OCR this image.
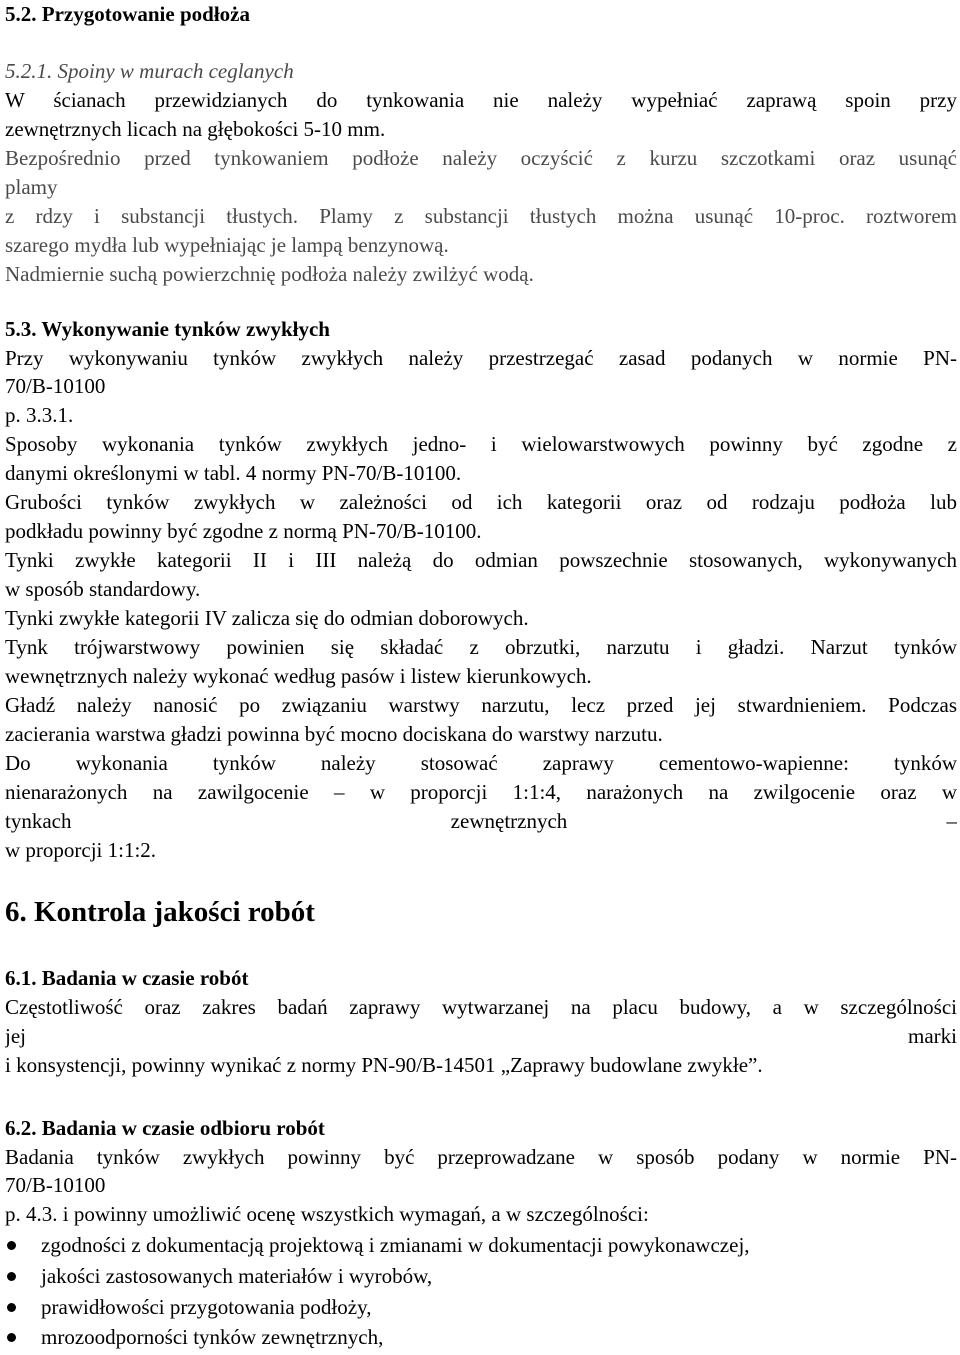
5.2. Przygotowanie podłoża
5.2.1. Spoiny w murach ceglanych
W ścianach przewidzianych do tynkowania nie należy wypełniać zaprawą spoin przy
zewnętrznych licach na głębokości 5-10 mm.
Bezpośrednio przed tynkowaniem podłoże należy oczyścić z kurzu szczotkami oraz usunąć
plamy
z rdzy i substancji tłustych. Plamy z substancji tłustych można usunąć 10-proc. roztworem
szarego mydła lub wypełniając je lampą benzynową.
Nadmiernie suchą powierzchnię podłoża należy zwilżyć wodą.
5.3. Wykonywanie tynków zwykłych
Przy wykonywaniu tynków zwykłych należy przestrzegać zasad podanych w normie PN-
70/B-10100
p. 3.3.1.
Sposoby wykonania tynków zwykłych jedno- i wielowarstwowych powinny być zgodne z
danymi określonymi w tabl. 4 normy PN-70/B-10100.
Grubości tynków zwykłych w zależności od ich kategorii oraz od rodzaju podłoża lub
podkładu powinny być zgodne z normą PN-70/B-10100.
Tynki zwykłe kategorii II i III należą do odmian powszechnie stosowanych, wykonywanych
w sposób standardowy.
Tynki zwykłe kategorii IV zalicza się do odmian doborowych.
Tynk trójwarstwowy powinien się składać z obrzutki, narzutu i gładzi. Narzut tynków
wewnętrznych należy wykonać według pasów i listew kierunkowych.
Gładź należy nanosić po związaniu warstwy narzutu, lecz przed jej stwardnieniem. Podczas
zacierania warstwa gładzi powinna być mocno dociskana do warstwy narzutu.
Do wykonania tynków należy stosować zaprawy cementowo-wapienne: tynków
nienarażonych na zawilgocenie – w proporcji 1:1:4, narażonych na zwilgocenie oraz w
tynkach zewnętrznych –
w proporcji 1:1:2.
6. Kontrola jakości robót
6.1. Badania w czasie robót
Częstotliwość oraz zakres badań zaprawy wytwarzanej na placu budowy, a w szczególności
jej marki
i konsystencji, powinny wynikać z normy PN-90/B-14501 „Zaprawy budowlane zwykłe”.
6.2. Badania w czasie odbioru robót
Badania tynków zwykłych powinny być przeprowadzane w sposób podany w normie PN-
70/B-10100
p. 4.3. i powinny umożliwić ocenę wszystkich wymagań, a w szczególności:
zgodności z dokumentacją projektową i zmianami w dokumentacji powykonawczej,
jakości zastosowanych materiałów i wyrobów,
prawidłowości przygotowania podłoży,
mrozoodporności tynków zewnętrznych,
